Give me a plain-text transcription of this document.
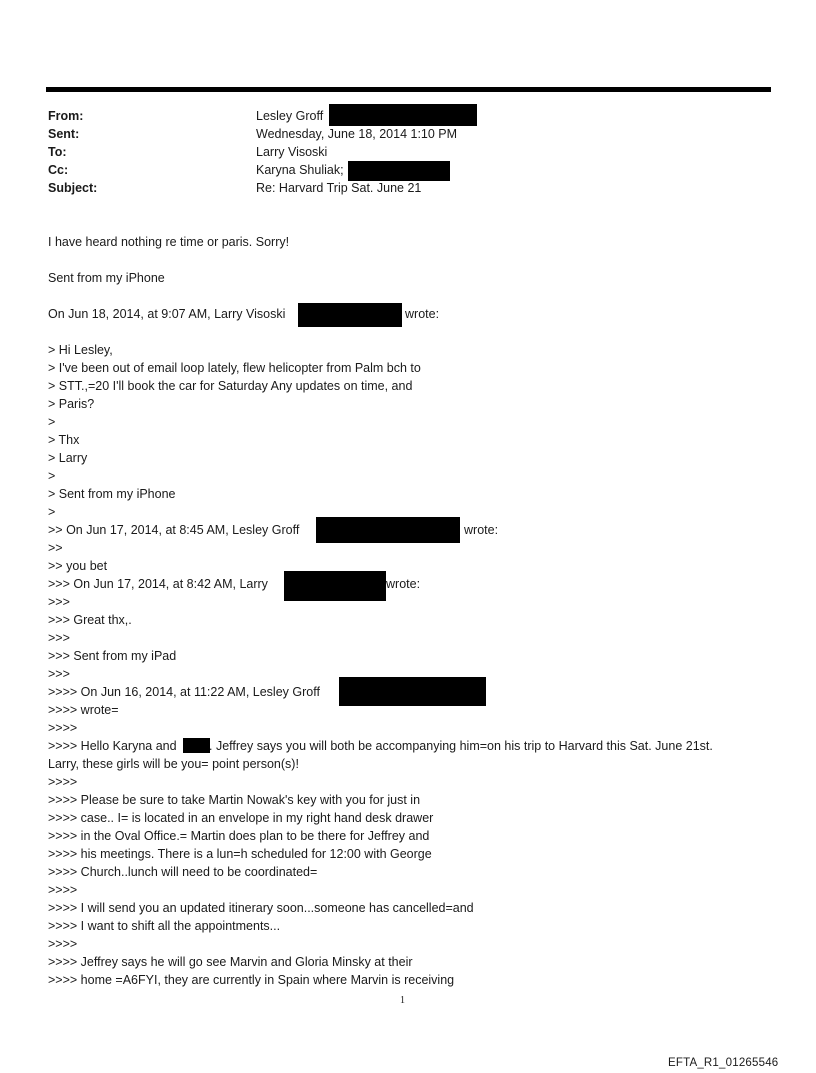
From:	Lesley Groff
Sent:	Wednesday, June 18, 2014 1:10 PM
To:	Larry Visoski
Cc:	Karyna Shuliak;
Subject:	Re: Harvard Trip Sat. June 21
I have heard nothing re time or paris. Sorry!
Sent from my iPhone
On Jun 18, 2014, at 9:07 AM, Larry Visoski	wrote:
> Hi Lesley,
> I've been out of email loop lately, flew helicopter from Palm bch to
> STT.,=20 I'll book the car for Saturday Any updates on time, and
> Paris?
>
> Thx
> Larry
>
> Sent from my iPhone
>
>> On Jun 17, 2014, at 8:45 AM, Lesley Groff	wrote:
>>
>> you bet
>>> On Jun 17, 2014, at 8:42 AM, Larry	wrote:
>>>
>>> Great thx,.
>>>
>>> Sent from my iPad
>>>
>>>> On Jun 16, 2014, at 11:22 AM, Lesley Groff
>>>> wrote=
>>>>
>>>> Hello Karyna and	. Jeffrey says you will both be accompanying him=on his trip to Harvard this Sat. June 21st.
Larry, these girls will be you= point person(s)!
>>>>
>>>> Please be sure to take Martin Nowak's key with you for just in
>>>> case.. I= is located in an envelope in my right hand desk drawer
>>>> in the Oval Office.= Martin does plan to be there for Jeffrey and
>>>> his meetings. There is a lun=h scheduled for 12:00 with George
>>>> Church..lunch will need to be coordinated=
>>>>
>>>> I will send you an updated itinerary soon...someone has cancelled=and
>>>> I want to shift all the appointments...
>>>>
>>>> Jeffrey says he will go see Marvin and Gloria Minsky at their
>>>> home =A6FYI, they are currently in Spain where Marvin is receiving
1
EFTA_R1_01265546
